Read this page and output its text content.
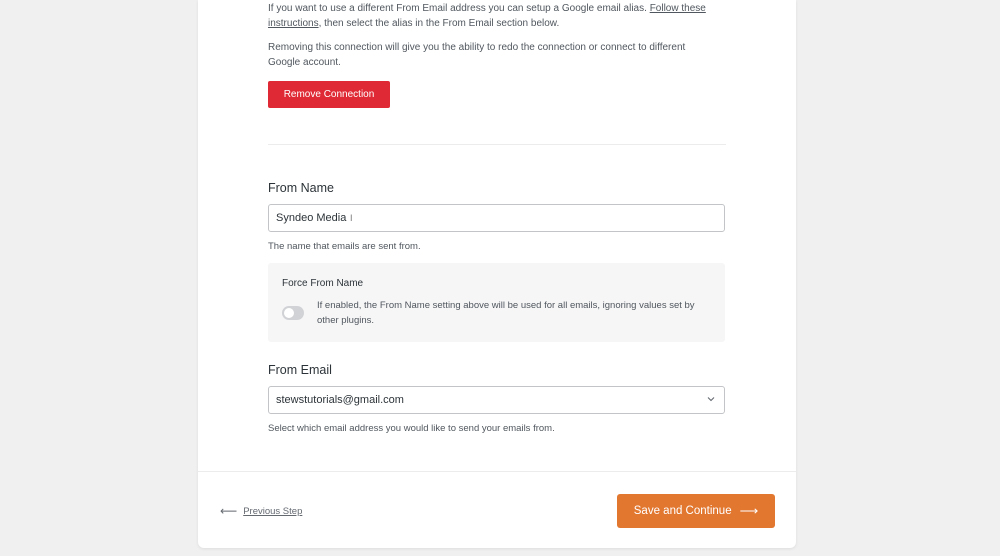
If you want to use a different From Email address you can setup a Google email alias. Follow these instructions, then select the alias in the From Email section below.

Removing this connection will give you the ability to redo the connection or connect to different Google account.

Remove Connection
From Name
Syndeo Media
I

The name that emails are sent from.

Force From Name

If enabled, the From Name setting above will be used for all emails, ignoring values set by other plugins.

From Email
stewstutorials@gmail.com

Select which email address you would like to send your emails from.

⟵ Previous Step	Save and Continue ⟶
